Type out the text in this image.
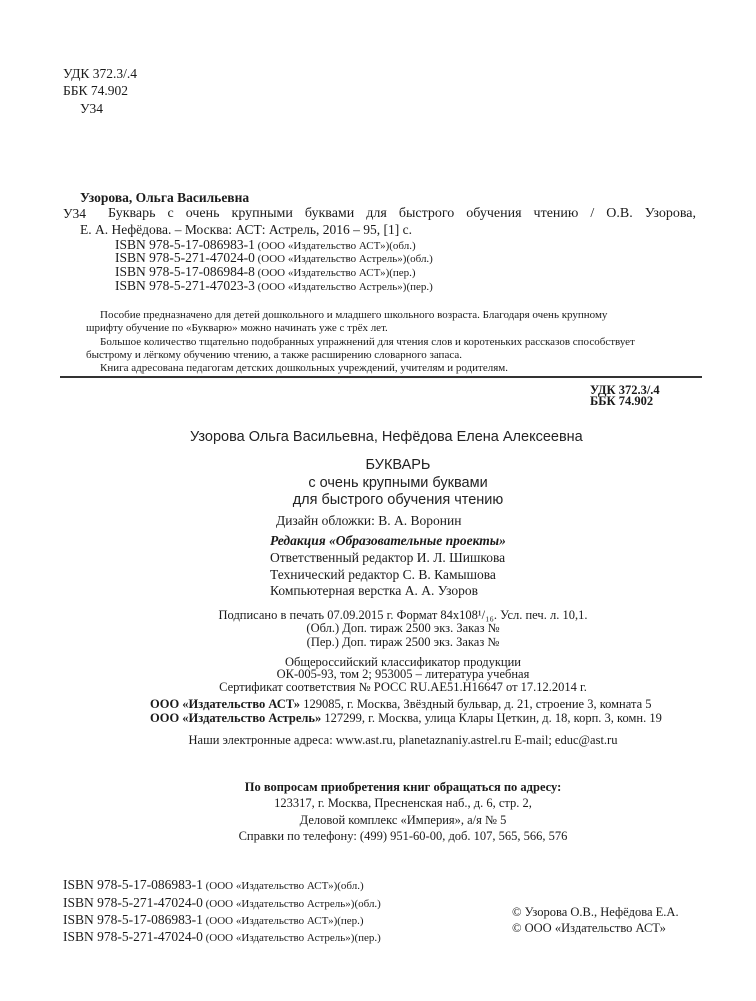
УДК 372.3/.4
ББК 74.902
У34
Узорова, Ольга Васильевна
У34 Букварь с очень крупными буквами для быстрого обучения чтению / О.В. Узорова,
Е. А. Нефёдова. – Москва: АСТ: Астрель, 2016 – 95, [1] с.
ISBN 978-5-17-086983-1 (ООО «Издательство АСТ»)(обл.)
ISBN 978-5-271-47024-0 (ООО «Издательство Астрель»)(обл.)
ISBN 978-5-17-086984-8 (ООО «Издательство АСТ»)(пер.)
ISBN 978-5-271-47023-3 (ООО «Издательство Астрель»)(пер.)
Пособие предназначено для детей дошкольного и младшего школьного возраста. Благодаря очень крупному
шрифту обучение по «Букварю» можно начинать уже с трёх лет.
Большое количество тщательно подобранных упражнений для чтения слов и коротеньких рассказов способствует
быстрому и лёгкому обучению чтению, а также расширению словарного запаса.
Книга адресована педагогам детских дошкольных учреждений, учителям и родителям.
УДК 372.3/.4
ББК 74.902
Узорова Ольга Васильевна, Нефёдова Елена Алексеевна
БУКВАРЬ
с очень крупными буквами
для быстрого обучения чтению
Дизайн обложки: В. А. Воронин
Редакция «Образовательные проекты»
Ответственный редактор И. Л. Шишкова
Технический редактор С. В. Камышова
Компьютерная верстка А. А. Узоров
Подписано в печать 07.09.2015 г. Формат 84x108¹/₁₆. Усл. печ. л. 10,1.
(Обл.) Доп. тираж 2500 экз. Заказ №
(Пер.) Доп. тираж 2500 экз. Заказ №
Общероссийский классификатор продукции
ОК-005-93, том 2; 953005 – литература учебная
Сертификат соответствия № РОСС RU.AE51.H16647 от 17.12.2014 г.
ООО «Издательство АСТ» 129085, г. Москва, Звёздный бульвар, д. 21, строение 3, комната 5
ООО «Издательство Астрель» 127299, г. Москва, улица Клары Цеткин, д. 18, корп. 3, комн. 19
Наши электронные адреса: www.ast.ru, planetaznaniy.astrel.ru E-mail; educ@ast.ru
По вопросам приобретения книг обращаться по адресу:
123317, г. Москва, Пресненская наб., д. 6, стр. 2,
Деловой комплекс «Империя», а/я № 5
Справки по телефону: (499) 951-60-00, доб. 107, 565, 566, 576
ISBN 978-5-17-086983-1 (ООО «Издательство АСТ»)(обл.)
ISBN 978-5-271-47024-0 (ООО «Издательство Астрель»)(обл.)
ISBN 978-5-17-086983-1 (ООО «Издательство АСТ»)(пер.)
ISBN 978-5-271-47024-0 (ООО «Издательство Астрель»)(пер.)
© Узорова О.В., Нефёдова Е.А.
© ООО «Издательство АСТ»
